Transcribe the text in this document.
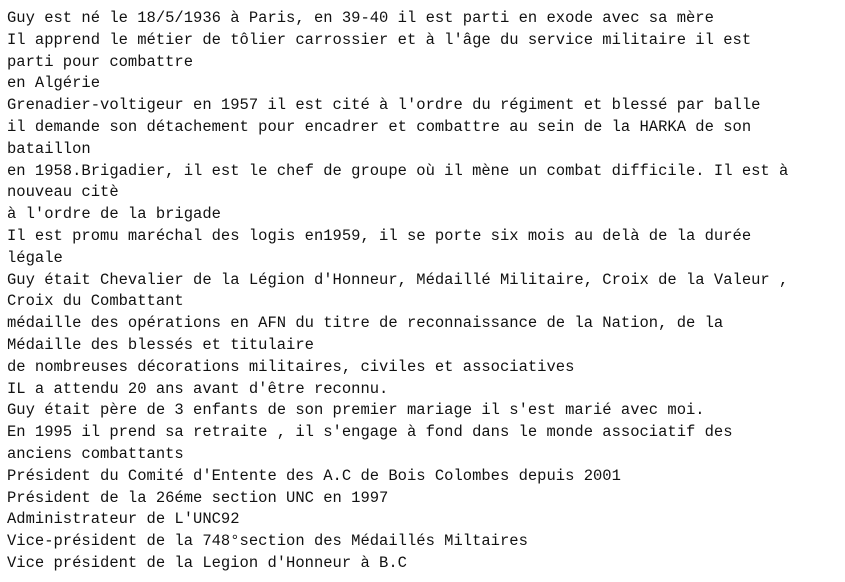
Guy est né le 18/5/1936 à Paris, en 39-40 il est parti en exode avec sa mère
Il apprend le métier de tôlier carrossier et à l'âge du service militaire il est
parti pour combattre
en Algérie
Grenadier-voltigeur en 1957 il est cité à l'ordre du régiment et blessé par balle
il demande son détachement pour encadrer et combattre au sein de la HARKA de son
bataillon
en 1958.Brigadier, il est le chef de groupe où il mène un combat difficile. Il est à
nouveau citè
à l'ordre de la brigade
Il est promu maréchal des logis en1959, il se porte six mois au delà de la durée
légale
Guy était Chevalier de la Légion d'Honneur, Médaillé Militaire, Croix de la Valeur ,
Croix du Combattant
médaille des opérations en AFN du titre de reconnaissance de la Nation, de la
Médaille des blessés et titulaire
de nombreuses décorations militaires, civiles et associatives
IL a attendu 20 ans avant d'être reconnu.
Guy était père de 3 enfants de son premier mariage il s'est marié avec moi.
En 1995 il prend sa retraite , il s'engage à fond dans le monde associatif des
anciens combattants
Président du Comité d'Entente des A.C de Bois Colombes depuis 2001
Président de la 26éme section UNC en 1997
Administrateur de L'UNC92
Vice-président de la 748°section des Médaillés Miltaires
Vice président de la Legion d'Honneur à B.C
